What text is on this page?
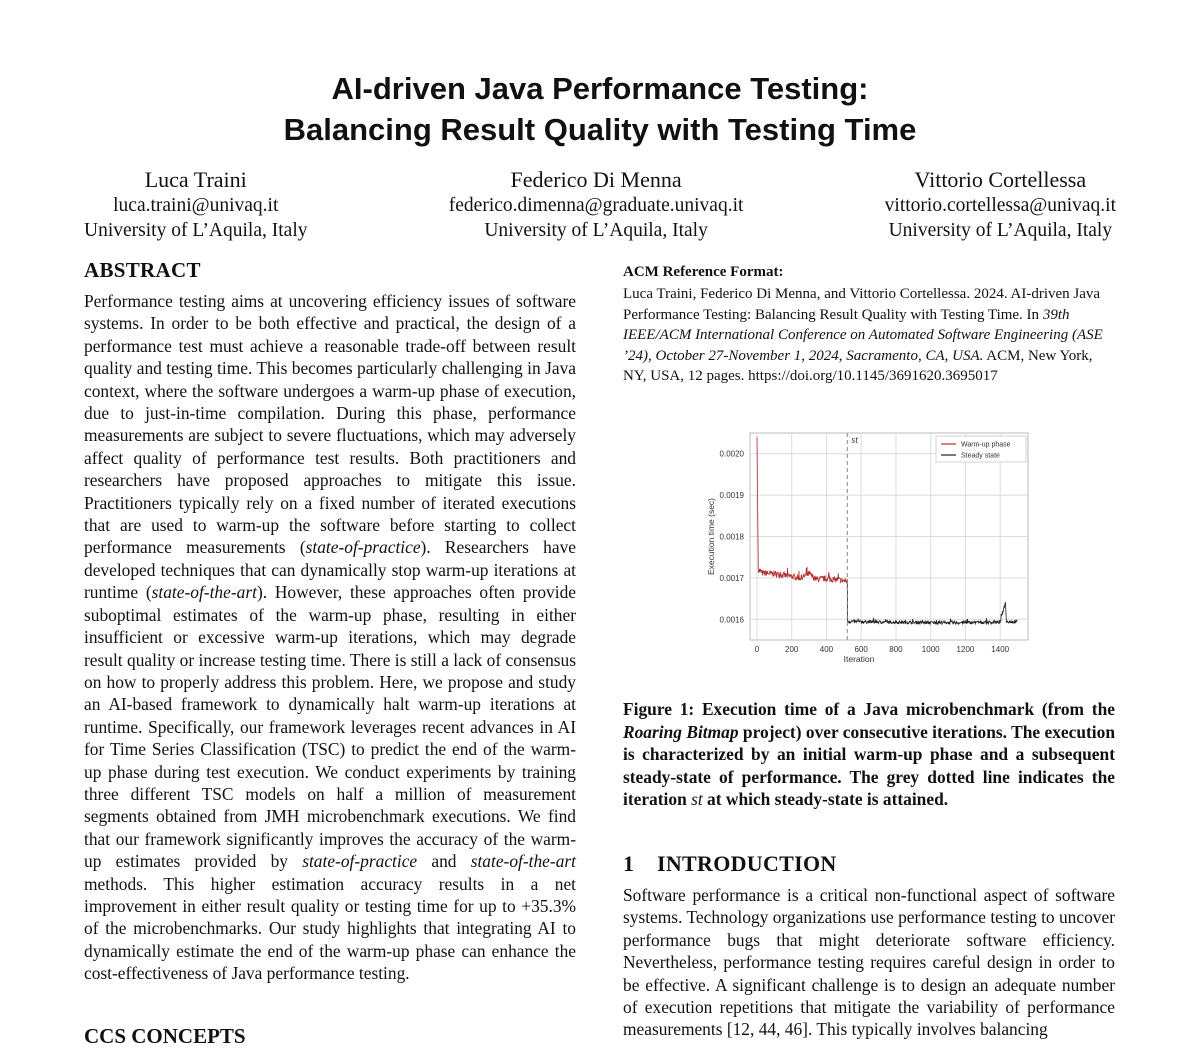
AI-driven Java Performance Testing:
Balancing Result Quality with Testing Time
Luca Traini
luca.traini@univaq.it
University of L’Aquila, Italy
Federico Di Menna
federico.dimenna@graduate.univaq.it
University of L’Aquila, Italy
Vittorio Cortellessa
vittorio.cortellessa@univaq.it
University of L’Aquila, Italy
ABSTRACT

Performance testing aims at uncovering efficiency issues of software systems. In order to be both effective and practical, the design of a performance test must achieve a reasonable trade-off between result quality and testing time. This becomes particularly challenging in Java context, where the software undergoes a warm-up phase of execution, due to just-in-time compilation. During this phase, performance measurements are subject to severe fluctuations, which may adversely affect quality of performance test results. Both practitioners and researchers have proposed approaches to mitigate this issue. Practitioners typically rely on a fixed number of iterated executions that are used to warm-up the software before starting to collect performance measurements (state-of-practice). Researchers have developed techniques that can dynamically stop warm-up iterations at runtime (state-of-the-art). However, these approaches often provide suboptimal estimates of the warm-up phase, resulting in either insufficient or excessive warm-up iterations, which may degrade result quality or increase testing time. There is still a lack of consensus on how to properly address this problem. Here, we propose and study an AI-based framework to dynamically halt warm-up iterations at runtime. Specifically, our framework leverages recent advances in AI for Time Series Classification (TSC) to predict the end of the warm-up phase during test execution. We conduct experiments by training three different TSC models on half a million of measurement segments obtained from JMH microbenchmark executions. We find that our framework significantly improves the accuracy of the warm-up estimates provided by state-of-practice and state-of-the-art methods. This higher estimation accuracy results in a net improvement in either result quality or testing time for up to +35.3% of the microbenchmarks. Our study highlights that integrating AI to dynamically estimate the end of the warm-up phase can enhance the cost-effectiveness of Java performance testing.

CCS CONCEPTS
ACM Reference Format:
Luca Traini, Federico Di Menna, and Vittorio Cortellessa. 2024. AI-driven Java Performance Testing: Balancing Result Quality with Testing Time. In 39th IEEE/ACM International Conference on Automated Software Engineering (ASE ’24), October 27-November 1, 2024, Sacramento, CA, USA. ACM, New York, NY, USA, 12 pages. https://doi.org/10.1145/3691620.3695017
0.0016
0.0017
0.0018
0.0019
0.0020
0	200	400	600	800 1000 1200 1400
Iteration
Execution time (sec)
st	Warm-up phase
Steady state
Figure 1: Execution time of a Java microbenchmark (from the Roaring Bitmap project) over consecutive iterations. The execution is characterized by an initial warm-up phase and a subsequent steady-state of performance. The grey dotted line indicates the iteration st at which steady-state is attained.
1 INTRODUCTION

Software performance is a critical non-functional aspect of software systems. Technology organizations use performance testing to uncover performance bugs that might deteriorate software efficiency. Nevertheless, performance testing requires careful design in order to be effective. A significant challenge is to design an adequate number of execution repetitions that mitigate the variability of performance measurements [12, 44, 46]. This typically involves balancing
